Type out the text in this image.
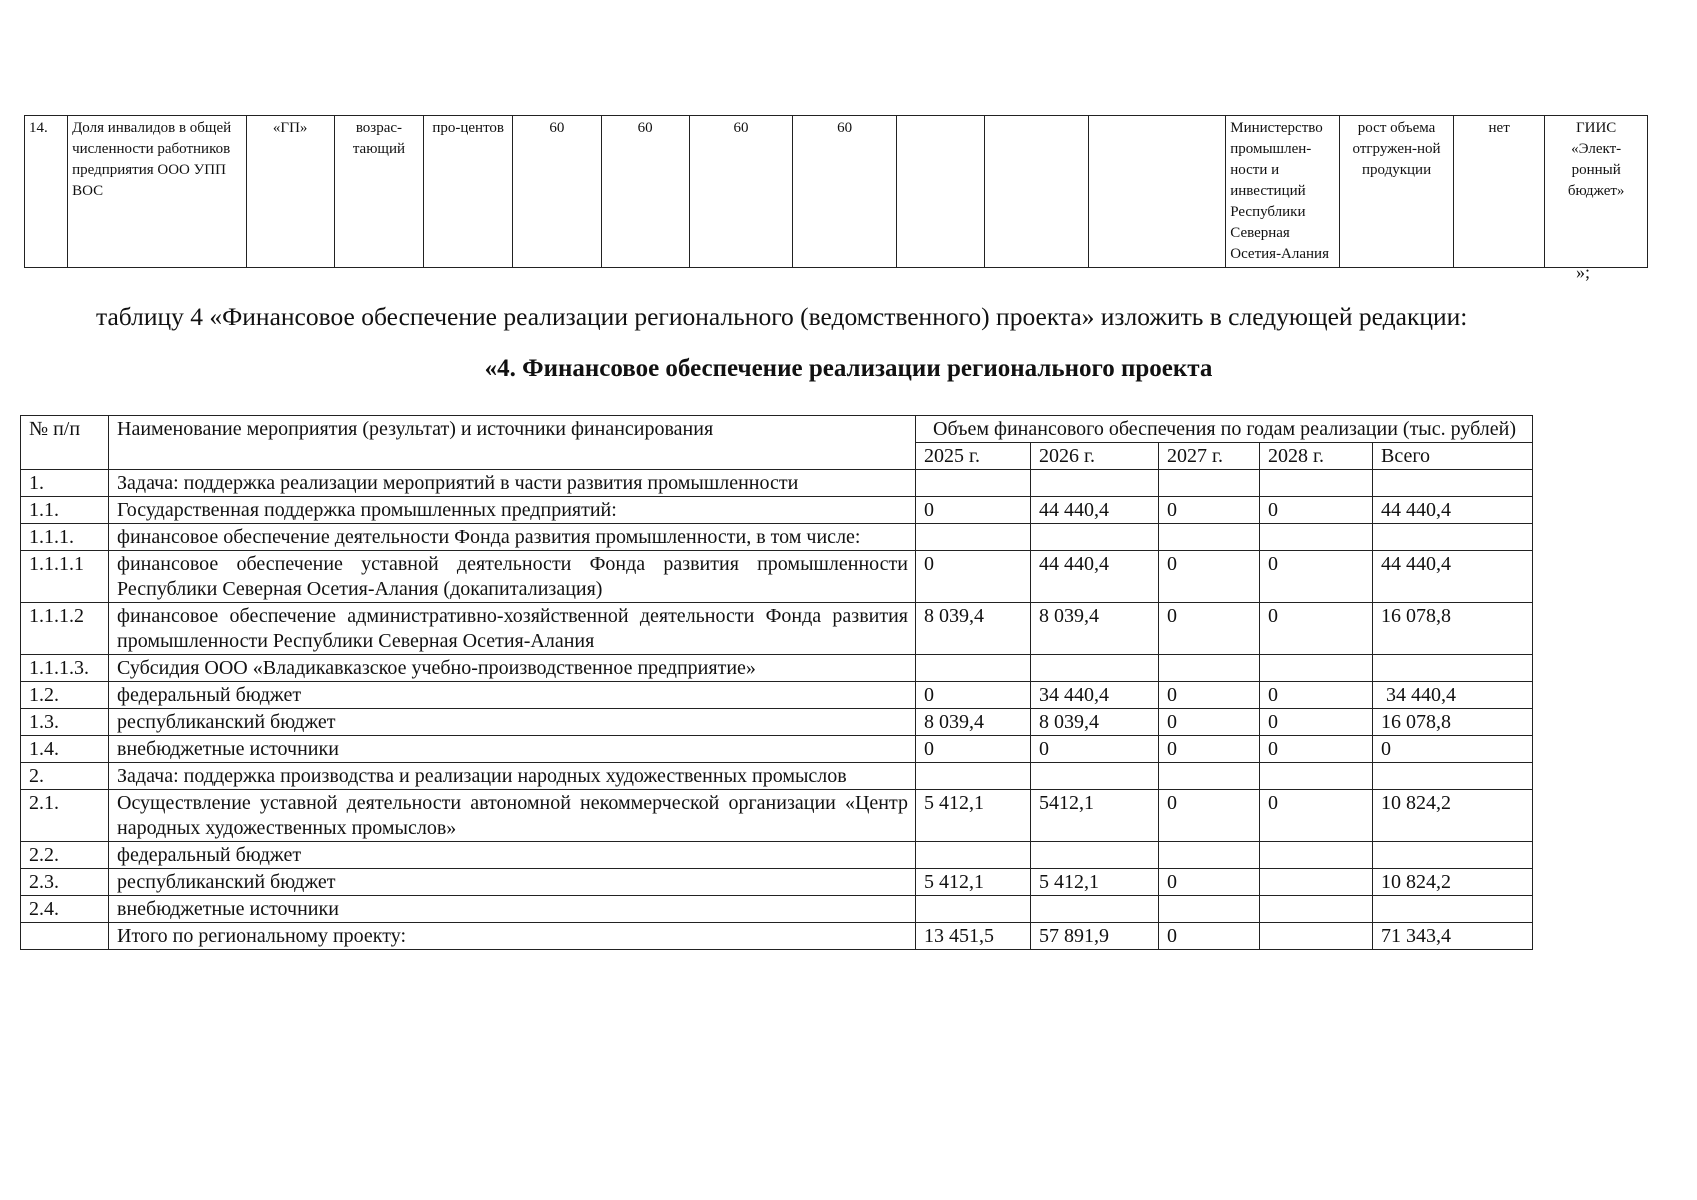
14.	Доля инвалидов в общей численности работников предприятия ООО УПП ВОС	«ГП»	возрас-тающий	про-центов	60	60	60	60				Министерство промышлен-ности и инвестиций Республики Северная Осетия-Алания	рост объема отгружен-ной продукции	нет	ГИИС «Элект-ронный бюджет»
»;
таблицу 4 «Финансовое обеспечение реализации регионального (ведомственного) проекта» изложить в следующей редакции:
«4. Финансовое обеспечение реализации регионального проекта
№ п/п	Наименование мероприятия (результат) и источники финансирования	Объем финансового обеспечения по годам реализации (тыс. рублей)				
		2025 г.	2026 г.	2027 г.	2028 г.	Всего
1.	Задача: поддержка реализации мероприятий в части развития промышленности					
1.1.	Государственная поддержка промышленных предприятий:	0	44 440,4	0	0	44 440,4
1.1.1.	финансовое обеспечение деятельности Фонда развития промышленности, в том числе:					
1.1.1.1	финансовое обеспечение уставной деятельности Фонда развития промышленности Республики Северная Осетия-Алания (докапитализация)	0	44 440,4	0	0	44 440,4
1.1.1.2	финансовое обеспечение административно-хозяйственной деятельности Фонда развития промышленности Республики Северная Осетия-Алания	8 039,4	8 039,4	0	0	16 078,8
1.1.1.3.	Субсидия ООО «Владикавказское учебно-производственное предприятие»					
1.2.	федеральный бюджет	0	34 440,4	0	0	34 440,4
1.3.	республиканский бюджет	8 039,4	8 039,4	0	0	16 078,8
1.4.	внебюджетные источники	0	0	0	0	0
2.	Задача: поддержка производства и реализации народных художественных промыслов					
2.1.	Осуществление уставной деятельности автономной некоммерческой организации «Центр народных художественных промыслов»	5 412,1	5412,1	0	0	10 824,2
2.2.	федеральный бюджет					
2.3.	республиканский бюджет	5 412,1	5 412,1	0		10 824,2
2.4.	внебюджетные источники					
	Итого по региональному проекту:	13 451,5	57 891,9	0		71 343,4
